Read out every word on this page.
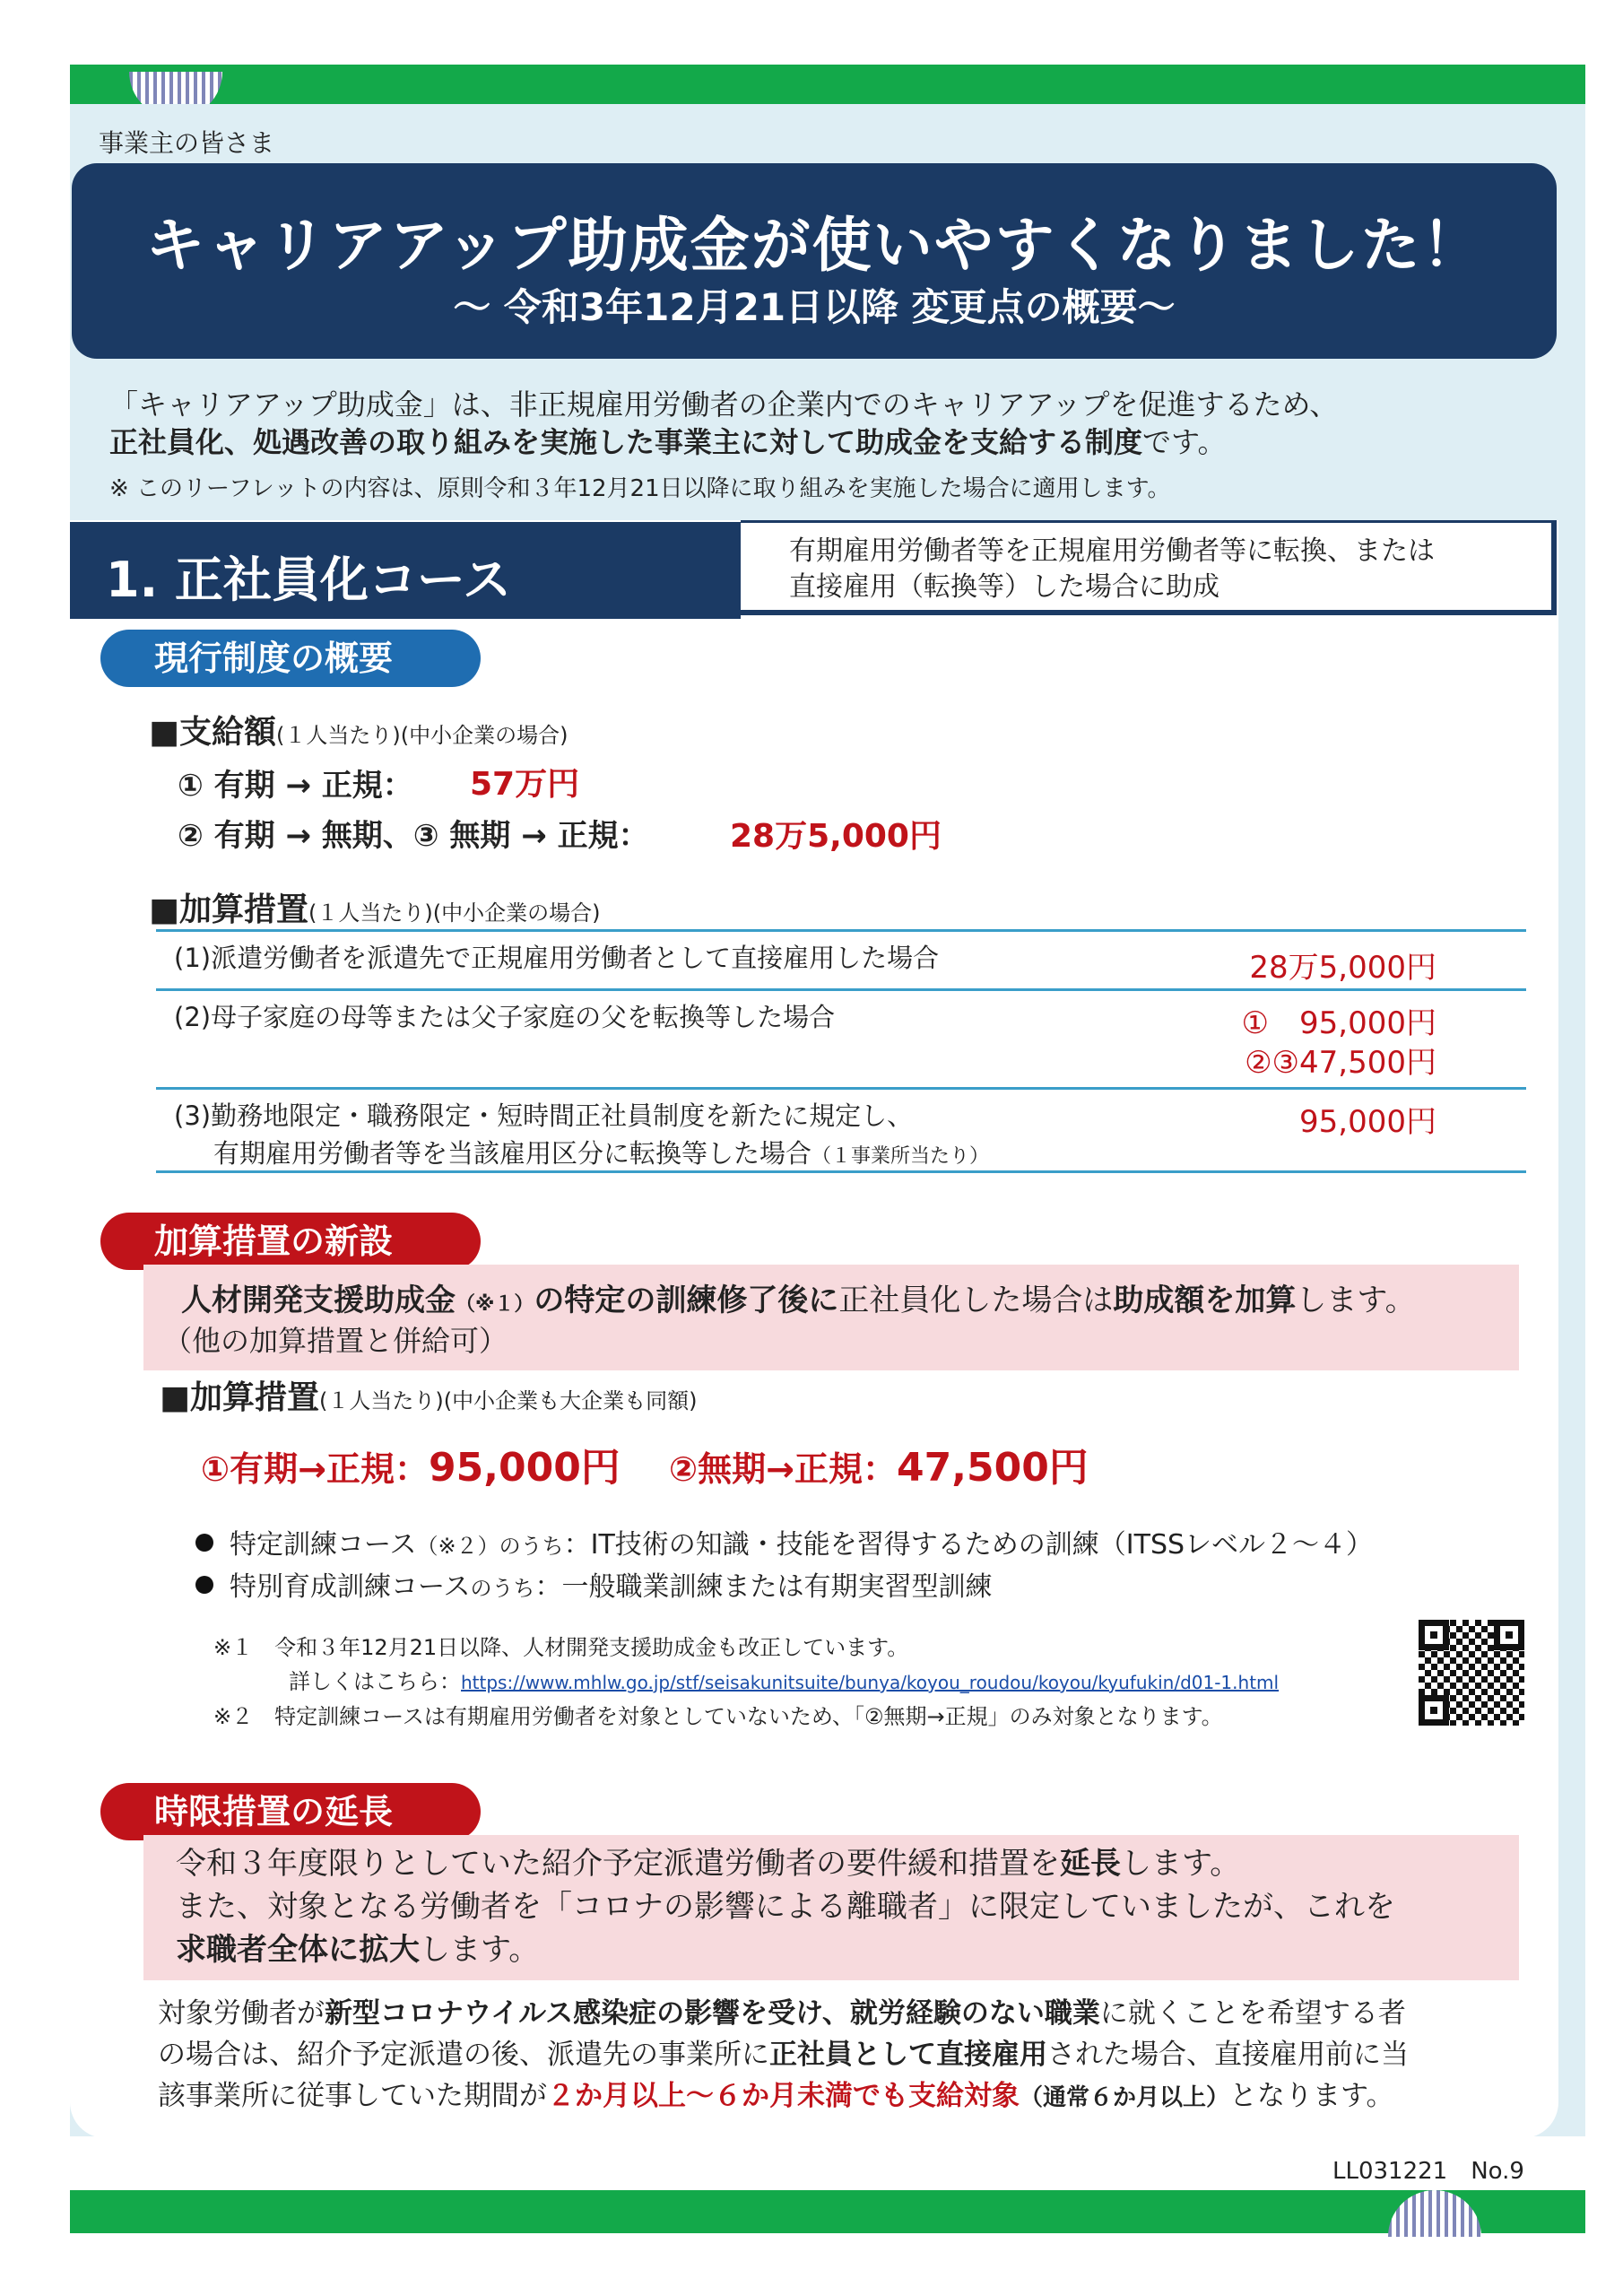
事業主の皆さま
キャリアアップ助成金が使いやすくなりました！
～ 令和3年12月21日以降 変更点の概要～
「キャリアアップ助成金」は、非正規雇用労働者の企業内でのキャリアアップを促進するため、
正社員化、処遇改善の取り組みを実施した事業主に対して助成金を支給する制度です。
※ このリーフレットの内容は、原則令和３年12月21日以降に取り組みを実施した場合に適用します。
1. 正社員化コース
有期雇用労働者等を正規雇用労働者等に転換、または
直接雇用（転換等）した場合に助成
現行制度の概要
■支給額(１人当たり)(中小企業の場合)
① 有期 → 正規： 57万円
② 有期 → 無期、③ 無期 → 正規：	28万5,000円
■加算措置(１人当たり)(中小企業の場合)
(1)派遣労働者を派遣先で正規雇用労働者として直接雇用した場合	28万5,000円
(2)母子家庭の母等または父子家庭の父を転換等した場合	①　95,000円
②③47,500円
(3)勤務地限定・職務限定・短時間正社員制度を新たに規定し、
有期雇用労働者等を当該雇用区分に転換等した場合（１事業所当たり）
95,000円
加算措置の新設
人材開発支援助成金（※１）の特定の訓練修了後に正社員化した場合は助成額を加算します。
（他の加算措置と併給可）
■加算措置(１人当たり)(中小企業も大企業も同額)
①有期→正規：95,000円 ②無期→正規：47,500円
特定訓練コース（※２）のうち：IT技術の知識・技能を習得するための訓練（ITSSレベル２～４）
特別育成訓練コースのうち：一般職業訓練または有期実習型訓練
※１　令和３年12月21日以降、人材開発支援助成金も改正しています。
詳しくはこちら：https://www.mhlw.go.jp/stf/seisakunitsuite/bunya/koyou_roudou/koyou/kyufukin/d01-1.html
※２　特定訓練コースは有期雇用労働者を対象としていないため、「②無期→正規」のみ対象となります。
時限措置の延長
令和３年度限りとしていた紹介予定派遣労働者の要件緩和措置を延長します。
また、対象となる労働者を「コロナの影響による離職者」に限定していましたが、これを
求職者全体に拡大します。
対象労働者が新型コロナウイルス感染症の影響を受け、就労経験のない職業に就くことを希望する者
の場合は、紹介予定派遣の後、派遣先の事業所に正社員として直接雇用された場合、直接雇用前に当
該事業所に従事していた期間が２か月以上～６か月未満でも支給対象（通常６か月以上）となります。
LL031221　No.9
